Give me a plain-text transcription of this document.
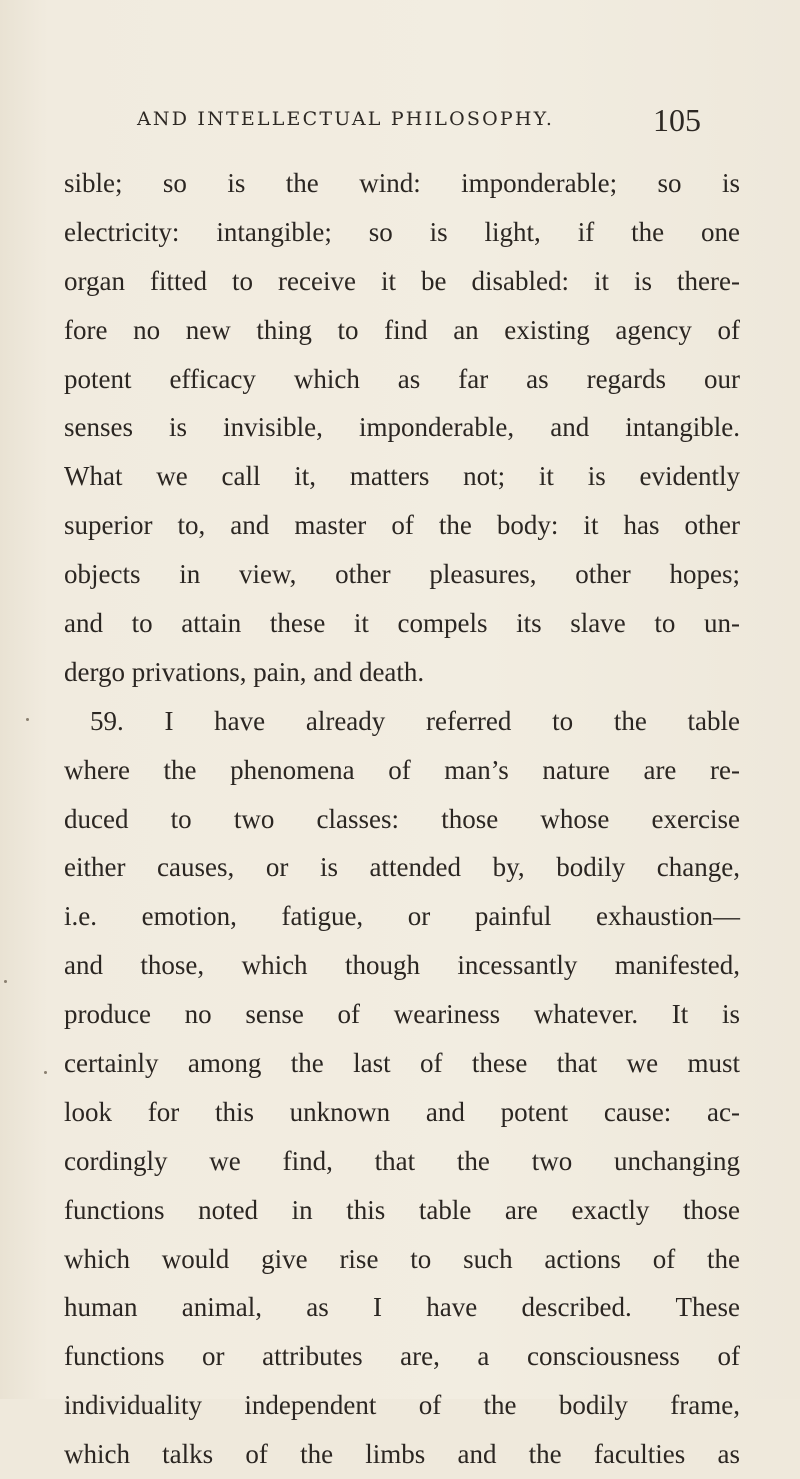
AND INTELLECTUAL PHILOSOPHY.	105
sible; so is the wind: imponderable; so is
electricity: intangible; so is light, if the one
organ fitted to receive it be disabled: it is there-
fore no new thing to find an existing agency of
potent efficacy which as far as regards our
senses is invisible, imponderable, and intangible.
What we call it, matters not; it is evidently
superior to, and master of the body: it has other
objects in view, other pleasures, other hopes;
and to attain these it compels its slave to un-
dergo privations, pain, and death.
59. I have already referred to the table
where the phenomena of man’s nature are re-
duced to two classes: those whose exercise
either causes, or is attended by, bodily change,
i.e. emotion, fatigue, or painful exhaustion—
and those, which though incessantly manifested,
produce no sense of weariness whatever. It is
certainly among the last of these that we must
look for this unknown and potent cause: ac-
cordingly we find, that the two unchanging
functions noted in this table are exactly those
which would give rise to such actions of the
human animal, as I have described. These
functions or attributes are, a consciousness of
individuality independent of the bodily frame,
which talks of the limbs and the faculties as
